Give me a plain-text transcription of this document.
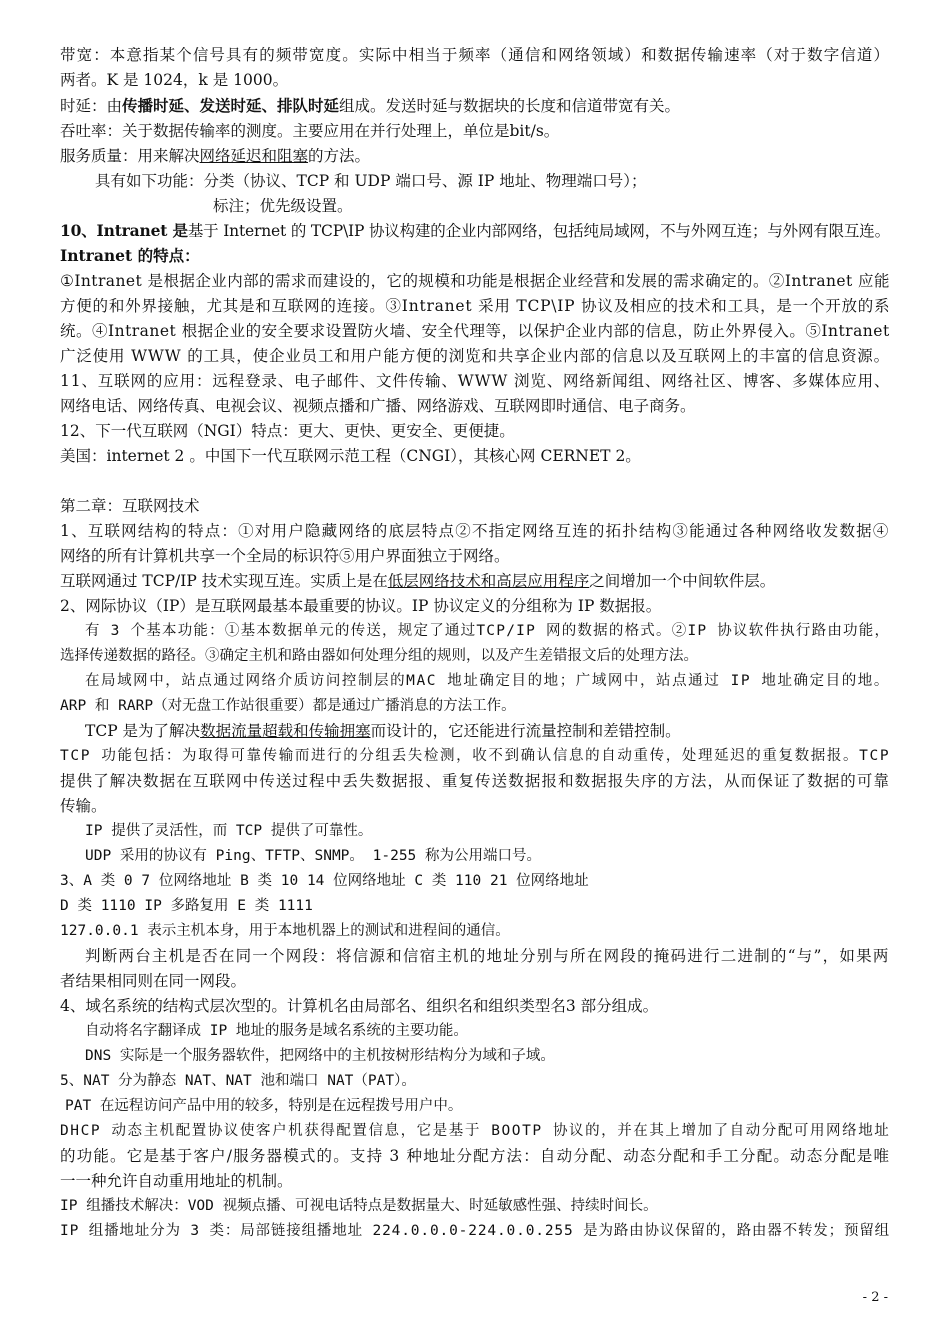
带宽：本意指某个信号具有的频带宽度。实际中相当于频率（通信和网络领域）和数据传输速率（对于数字信道）
两者。K 是 1024，k 是 1000。
时延：由传播时延、发送时延、排队时延组成。发送时延与数据块的长度和信道带宽有关。
吞吐率：关于数据传输率的测度。主要应用在并行处理上，单位是bit/s。
服务质量：用来解决网络延迟和阻塞的方法。
具有如下功能：分类（协议、TCP 和 UDP 端口号、源 IP 地址、物理端口号）；
标注；优先级设置。
10、Intranet 是基于 Internet 的 TCP\IP 协议构建的企业内部网络，包括纯局域网，不与外网互连；与外网有限互连。
Intranet 的特点：
①Intranet 是根据企业内部的需求而建设的，它的规模和功能是根据企业经营和发展的需求确定的。②Intranet 应能
方便的和外界接触，尤其是和互联网的连接。③Intranet 采用 TCP\IP 协议及相应的技术和工具，是一个开放的系
统。④Intranet 根据企业的安全要求设置防火墙、安全代理等，以保护企业内部的信息，防止外界侵入。⑤Intranet
广泛使用 WWW 的工具，使企业员工和用户能方便的浏览和共享企业内部的信息以及互联网上的丰富的信息资源。
11、互联网的应用：远程登录、电子邮件、文件传输、WWW 浏览、网络新闻组、网络社区、博客、多媒体应用、
网络电话、网络传真、电视会议、视频点播和广播、网络游戏、互联网即时通信、电子商务。
12、下一代互联网（NGI）特点：更大、更快、更安全、更便捷。
美国：internet 2 。中国下一代互联网示范工程（CNGI），其核心网 CERNET 2。
第二章：互联网技术
1、互联网结构的特点：①对用户隐藏网络的底层特点②不指定网络互连的拓扑结构③能通过各种网络收发数据④
网络的所有计算机共享一个全局的标识符⑤用户界面独立于网络。
互联网通过 TCP/IP 技术实现互连。实质上是在低层网络技术和高层应用程序之间增加一个中间软件层。
2、网际协议（IP）是互联网最基本最重要的协议。IP 协议定义的分组称为 IP 数据报。
有 3 个基本功能：①基本数据单元的传送，规定了通过TCP/IP 网的数据的格式。②IP 协议软件执行路由功能，
选择传递数据的路径。③确定主机和路由器如何处理分组的规则，以及产生差错报文后的处理方法。
在局域网中，站点通过网络介质访问控制层的MAC 地址确定目的地；广域网中，站点通过 IP 地址确定目的地。
ARP 和 RARP（对无盘工作站很重要）都是通过广播消息的方法工作。
TCP 是为了解决数据流量超载和传输拥塞而设计的，它还能进行流量控制和差错控制。
TCP 功能包括：为取得可靠传输而进行的分组丢失检测，收不到确认信息的自动重传，处理延迟的重复数据报。TCP
提供了解决数据在互联网中传送过程中丢失数据报、重复传送数据报和数据报失序的方法，从而保证了数据的可靠
传输。
IP 提供了灵活性，而 TCP 提供了可靠性。
UDP 采用的协议有 Ping、TFTP、SNMP。 1-255 称为公用端口号。
3、A 类 0 7 位网络地址 B 类 10 14 位网络地址 C 类 110 21 位网络地址
D 类 1110 IP 多路复用 E 类 1111
127.0.0.1 表示主机本身，用于本地机器上的测试和进程间的通信。
判断两台主机是否在同一个网段：将信源和信宿主机的地址分别与所在网段的掩码进行二进制的“与”，如果两
者结果相同则在同一网段。
4、域名系统的结构式层次型的。计算机名由局部名、组织名和组织类型名3 部分组成。
自动将名字翻译成 IP 地址的服务是域名系统的主要功能。
DNS 实际是一个服务器软件，把网络中的主机按树形结构分为域和子域。
5、NAT 分为静态 NAT、NAT 池和端口 NAT（PAT）。
PAT 在远程访问产品中用的较多，特别是在远程拨号用户中。
DHCP 动态主机配置协议使客户机获得配置信息，它是基于 BOOTP 协议的，并在其上增加了自动分配可用网络地址
的功能。它是基于客户/服务器模式的。支持 3 种地址分配方法：自动分配、动态分配和手工分配。动态分配是唯
一一种允许自动重用地址的机制。
IP 组播技术解决：VOD 视频点播、可视电话特点是数据量大、时延敏感性强、持续时间长。
IP 组播地址分为 3 类：局部链接组播地址 224.0.0.0-224.0.0.255 是为路由协议保留的，路由器不转发；预留组
- 2 -
